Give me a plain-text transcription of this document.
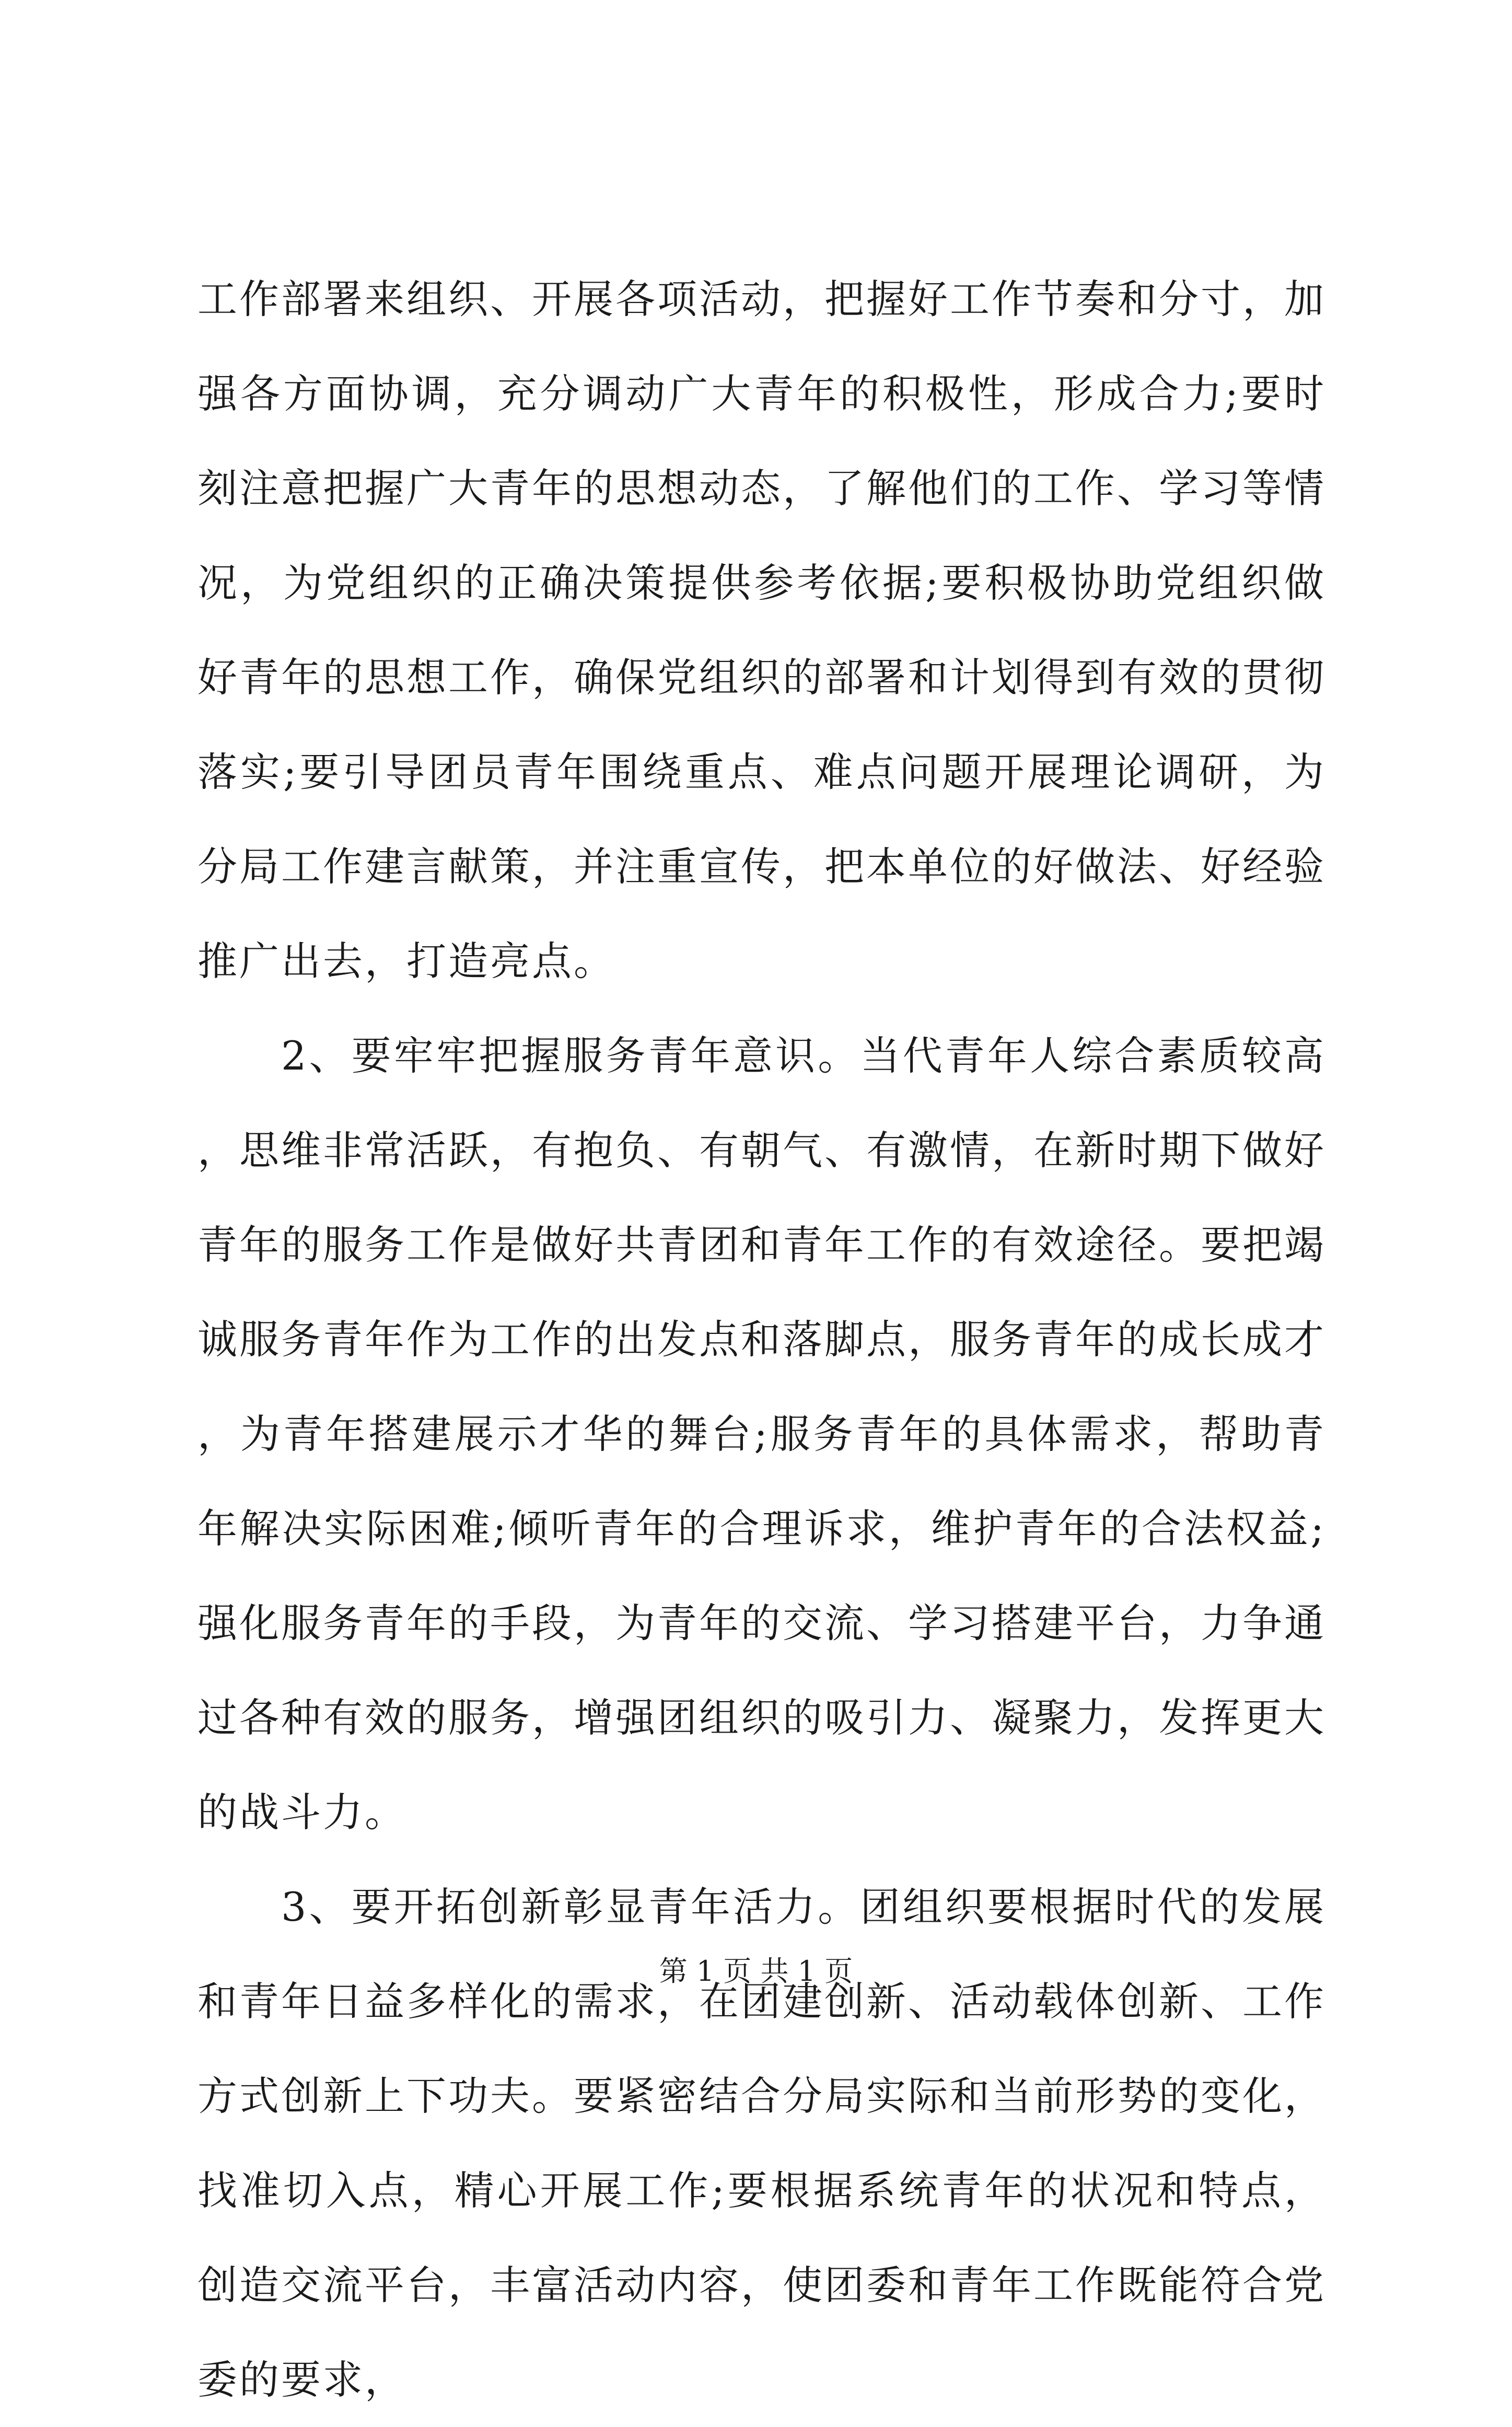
工作部署来组织、开展各项活动，把握好工作节奏和分寸，加强各方面协调，充分调动广大青年的积极性，形成合力;要时刻注意把握广大青年的思想动态，了解他们的工作、学习等情况，为党组织的正确决策提供参考依据;要积极协助党组织做好青年的思想工作，确保党组织的部署和计划得到有效的贯彻落实;要引导团员青年围绕重点、难点问题开展理论调研，为分局工作建言献策，并注重宣传，把本单位的好做法、好经验推广出去，打造亮点。

2、要牢牢把握服务青年意识。当代青年人综合素质较高，思维非常活跃，有抱负、有朝气、有激情，在新时期下做好青年的服务工作是做好共青团和青年工作的有效途径。要把竭诚服务青年作为工作的出发点和落脚点，服务青年的成长成才，为青年搭建展示才华的舞台;服务青年的具体需求，帮助青年解决实际困难;倾听青年的合理诉求，维护青年的合法权益;强化服务青年的手段，为青年的交流、学习搭建平台，力争通过各种有效的服务，增强团组织的吸引力、凝聚力，发挥更大的战斗力。

3、要开拓创新彰显青年活力。团组织要根据时代的发展和青年日益多样化的需求，在团建创新、活动载体创新、工作方式创新上下功夫。要紧密结合分局实际和当前形势的变化，找准切入点，精心开展工作;要根据系统青年的状况和特点，创造交流平台，丰富活动内容，使团委和青年工作既能符合党委的要求，

第 1 页 共 1 页
